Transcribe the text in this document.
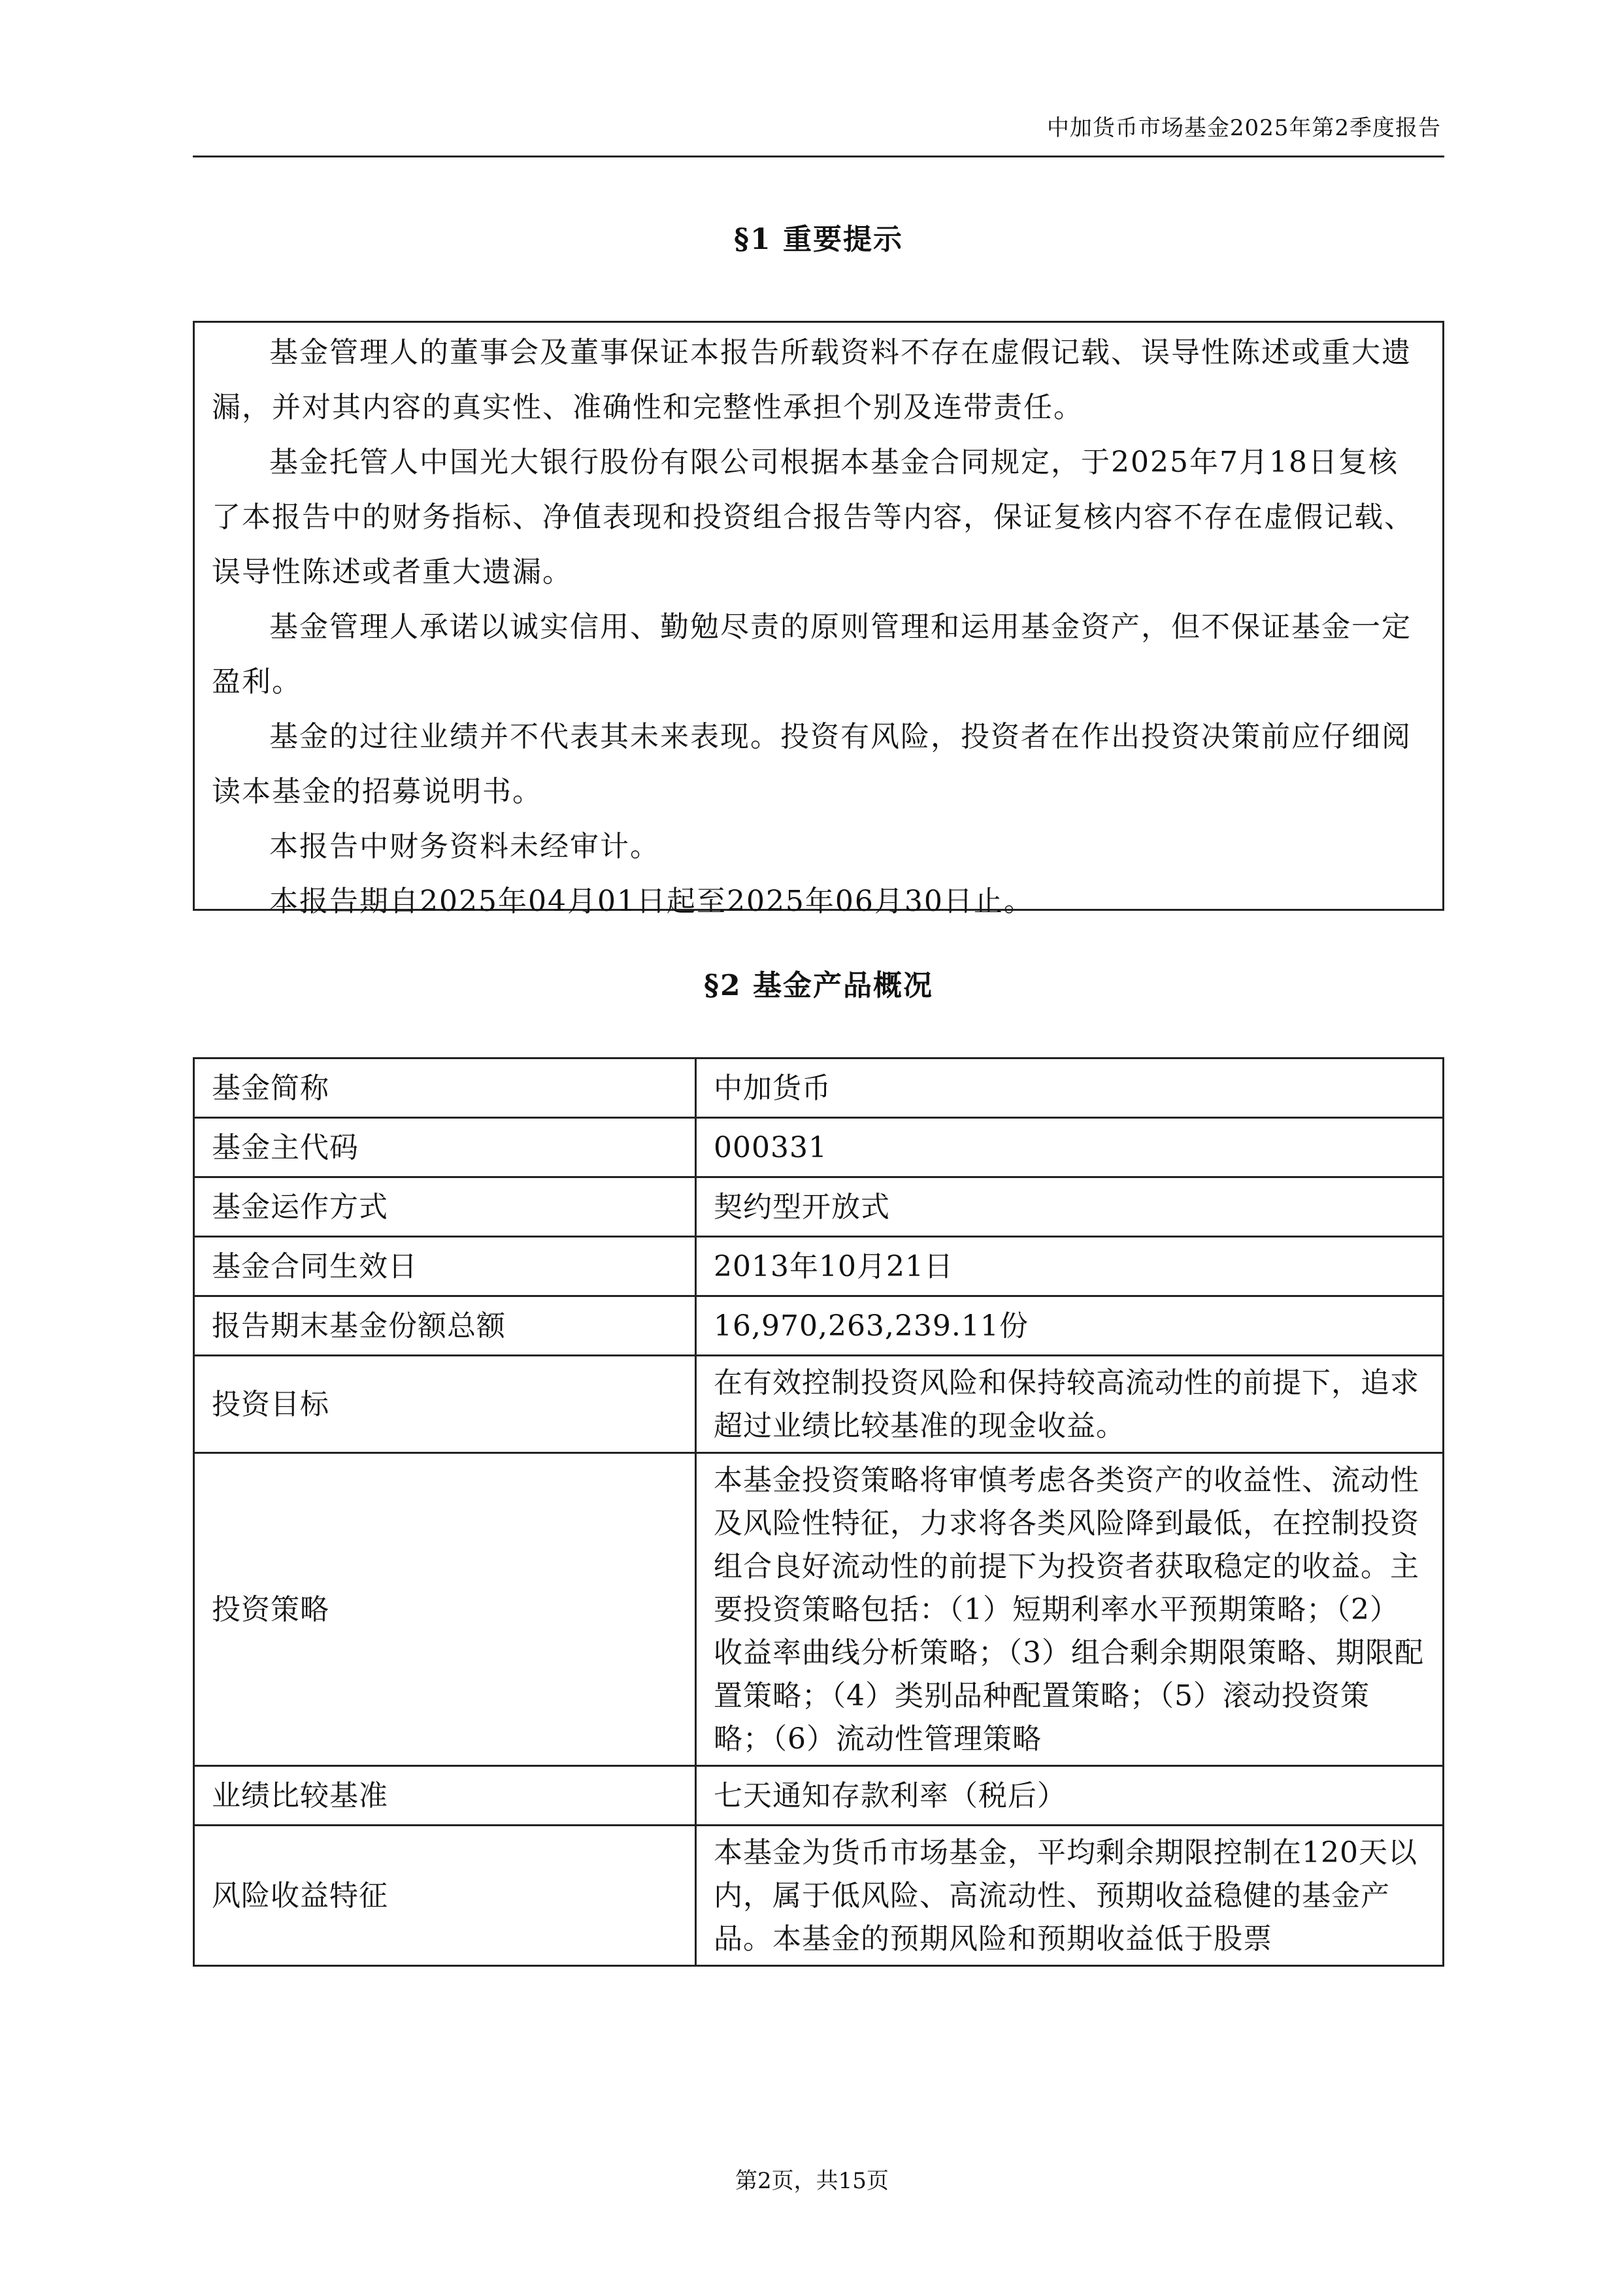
中加货币市场基金2025年第2季度报告
§1 重要提示

基金管理人的董事会及董事保证本报告所载资料不存在虚假记载、误导性陈述或重大遗漏，并对其内容的真实性、准确性和完整性承担个别及连带责任。

基金托管人中国光大银行股份有限公司根据本基金合同规定，于2025年7月18日复核了本报告中的财务指标、净值表现和投资组合报告等内容，保证复核内容不存在虚假记载、误导性陈述或者重大遗漏。

基金管理人承诺以诚实信用、勤勉尽责的原则管理和运用基金资产，但不保证基金一定盈利。

基金的过往业绩并不代表其未来表现。投资有风险，投资者在作出投资决策前应仔细阅读本基金的招募说明书。

本报告中财务资料未经审计。

本报告期自2025年04月01日起至2025年06月30日止。

§2 基金产品概况
基金简称	中加货币
基金主代码	000331
基金运作方式	契约型开放式
基金合同生效日	2013年10月21日
报告期末基金份额总额	16,970,263,239.11份
投资目标	在有效控制投资风险和保持较高流动性的前提下，追求超过业绩比较基准的现金收益。
投资策略	本基金投资策略将审慎考虑各类资产的收益性、流动性及风险性特征，力求将各类风险降到最低，在控制投资组合良好流动性的前提下为投资者获取稳定的收益。主要投资策略包括：（1）短期利率水平预期策略；（2）收益率曲线分析策略；（3）组合剩余期限策略、期限配置策略；（4）类别品种配置策略；（5）滚动投资策略；（6）流动性管理策略
业绩比较基准	七天通知存款利率（税后）
风险收益特征	本基金为货币市场基金，平均剩余期限控制在120天以内，属于低风险、高流动性、预期收益稳健的基金产品。本基金的预期风险和预期收益低于股票
第2页，共15页
